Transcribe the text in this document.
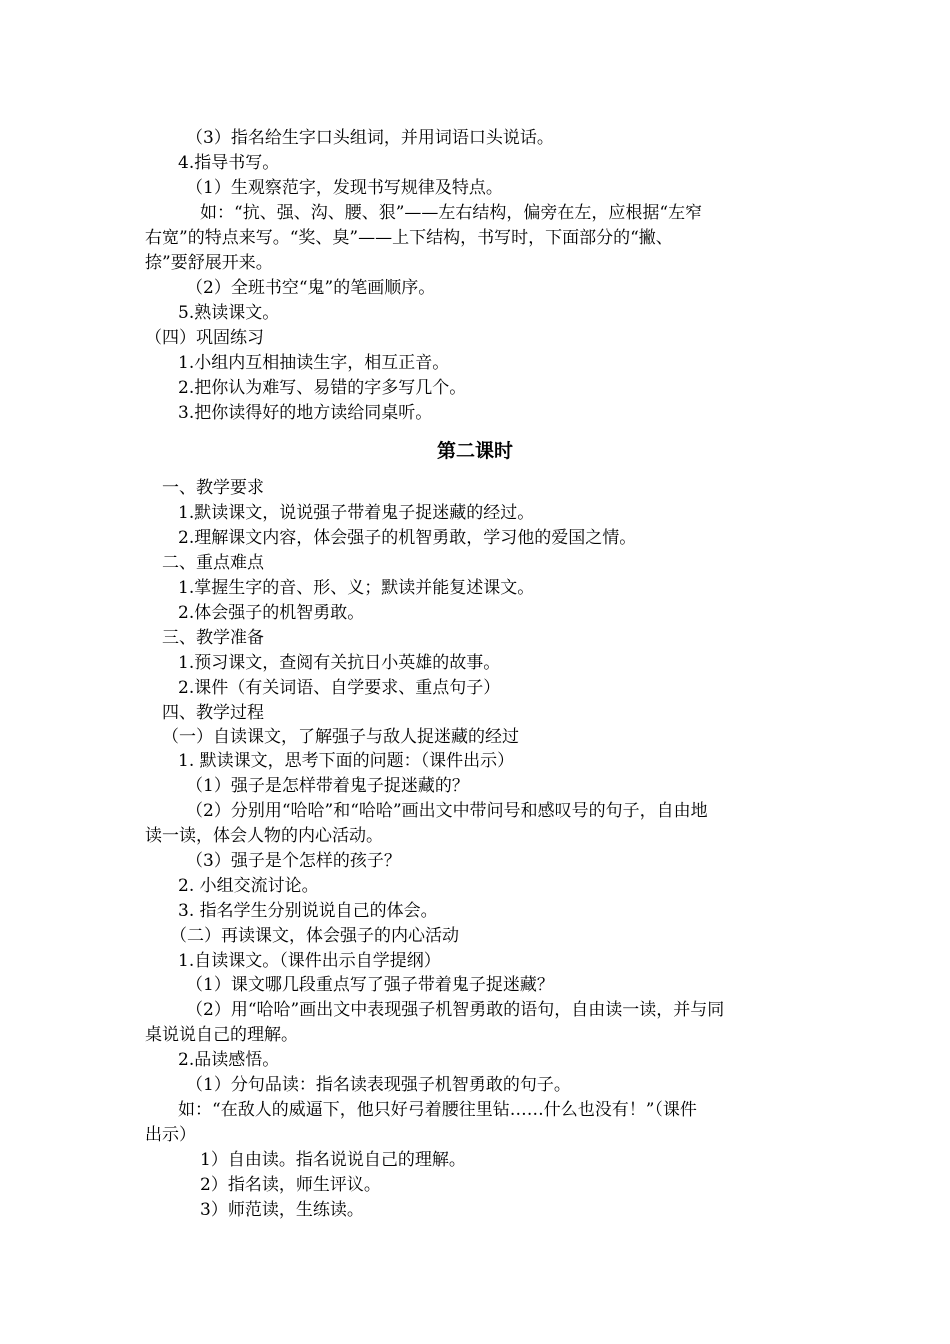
（3）指名给生字口头组词，并用词语口头说话。
4.指导书写。
（1）生观察范字，发现书写规律及特点。
如：“抗、强、沟、腰、狠”——左右结构，偏旁在左，应根据“左窄
右宽”的特点来写。“奖、臭”——上下结构，书写时，下面部分的“撇、
捺”要舒展开来。
（2）全班书空“鬼”的笔画顺序。
5.熟读课文。
（四）巩固练习
1.小组内互相抽读生字，相互正音。
2.把你认为难写、易错的字多写几个。
3.把你读得好的地方读给同桌听。
第二课时
一、教学要求
1.默读课文，说说强子带着鬼子捉迷藏的经过。
2.理解课文内容，体会强子的机智勇敢，学习他的爱国之情。
二、重点难点
1.掌握生字的音、形、义；默读并能复述课文。
2.体会强子的机智勇敢。
三、教学准备
1.预习课文，查阅有关抗日小英雄的故事。
2.课件（有关词语、自学要求、重点句子）
四、教学过程
（一）自读课文，了解强子与敌人捉迷藏的经过
1. 默读课文，思考下面的问题：（课件出示）
（1）强子是怎样带着鬼子捉迷藏的？
（2）分别用“哈哈”和“哈哈”画出文中带问号和感叹号的句子，自由地
读一读，体会人物的内心活动。
（3）强子是个怎样的孩子？
2. 小组交流讨论。
3. 指名学生分别说说自己的体会。
（二）再读课文，体会强子的内心活动
1.自读课文。（课件出示自学提纲）
（1）课文哪几段重点写了强子带着鬼子捉迷藏？
（2）用“哈哈”画出文中表现强子机智勇敢的语句，自由读一读，并与同
桌说说自己的理解。
2.品读感悟。
（1）分句品读：指名读表现强子机智勇敢的句子。
如：“在敌人的威逼下，他只好弓着腰往里钻……什么也没有！”（课件
出示）
1）自由读。指名说说自己的理解。
2）指名读，师生评议。
3）师范读，生练读。
